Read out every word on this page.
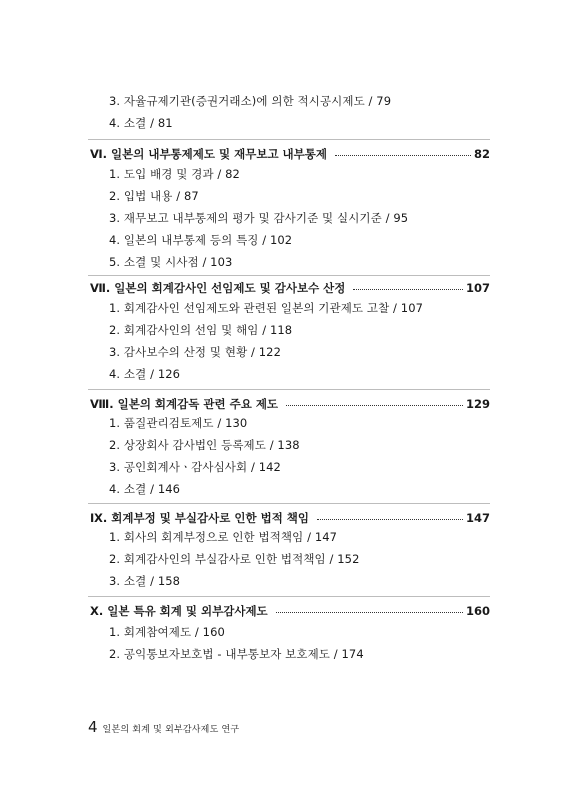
3. 자율규제기관(증권거래소)에 의한 적시공시제도 / 79
4. 소결 / 81
Ⅵ. 일본의 내부통제제도 및 재무보고 내부통제	82
1. 도입 배경 및 경과 / 82
2. 입법 내용 / 87
3. 재무보고 내부통제의 평가 및 감사기준 및 실시기준 / 95
4. 일본의 내부통제 등의 특징 / 102
5. 소결 및 시사점 / 103
Ⅶ. 일본의 회계감사인 선임제도 및 감사보수 산정	107
1. 회계감사인 선임제도와 관련된 일본의 기관제도 고찰 / 107
2. 회계감사인의 선임 및 해임 / 118
3. 감사보수의 산정 및 현황 / 122
4. 소결 / 126
Ⅷ. 일본의 회계감독 관련 주요 제도	129
1. 품질관리검토제도 / 130
2. 상장회사 감사법인 등록제도 / 138
3. 공인회계사ㆍ감사심사회 / 142
4. 소결 / 146
Ⅸ. 회계부정 및 부실감사로 인한 법적 책임	147
1. 회사의 회계부정으로 인한 법적책임 / 147
2. 회계감사인의 부실감사로 인한 법적책임 / 152
3. 소결 / 158
Ⅹ. 일본 특유 회계 및 외부감사제도	160
1. 회계참여제도 / 160
2. 공익통보자보호법 - 내부통보자 보호제도 / 174
4 일본의 회계 및 외부감사제도 연구
